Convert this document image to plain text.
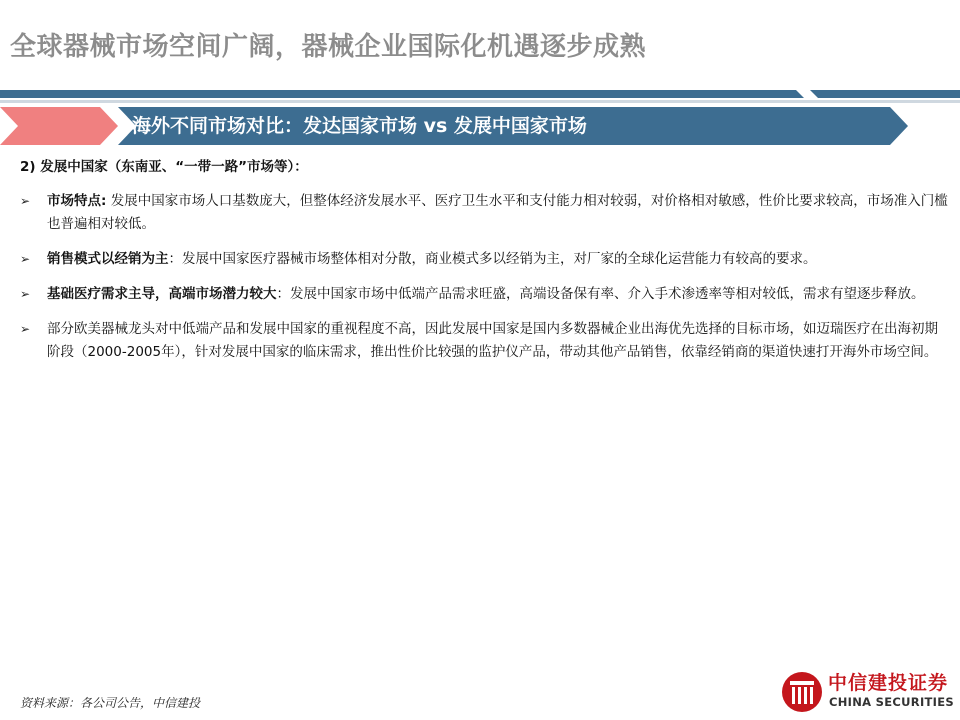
全球器械市场空间广阔，器械企业国际化机遇逐步成熟
海外不同市场对比：发达国家市场 vs 发展中国家市场
2) 发展中国家（东南亚、“一带一路”市场等）：
➢ 市场特点: 发展中国家市场人口基数庞大，但整体经济发展水平、医疗卫生水平和支付能力相对较弱，对价格相对敏感，性价比要求较高，市场准入门槛也普遍相对较低。
➢ 销售模式以经销为主：发展中国家医疗器械市场整体相对分散，商业模式多以经销为主，对厂家的全球化运营能力有较高的要求。
➢ 基础医疗需求主导，高端市场潜力较大：发展中国家市场中低端产品需求旺盛，高端设备保有率、介入手术渗透率等相对较低，需求有望逐步释放。
➢ 部分欧美器械龙头对中低端产品和发展中国家的重视程度不高，因此发展中国家是国内多数器械企业出海优先选择的目标市场，如迈瑞医疗在出海初期阶段（2000-2005年），针对发展中国家的临床需求，推出性价比较强的监护仪产品，带动其他产品销售，依靠经销商的渠道快速打开海外市场空间。
资料来源：各公司公告，中信建投
中信建投证券
CHINA SECURITIES
